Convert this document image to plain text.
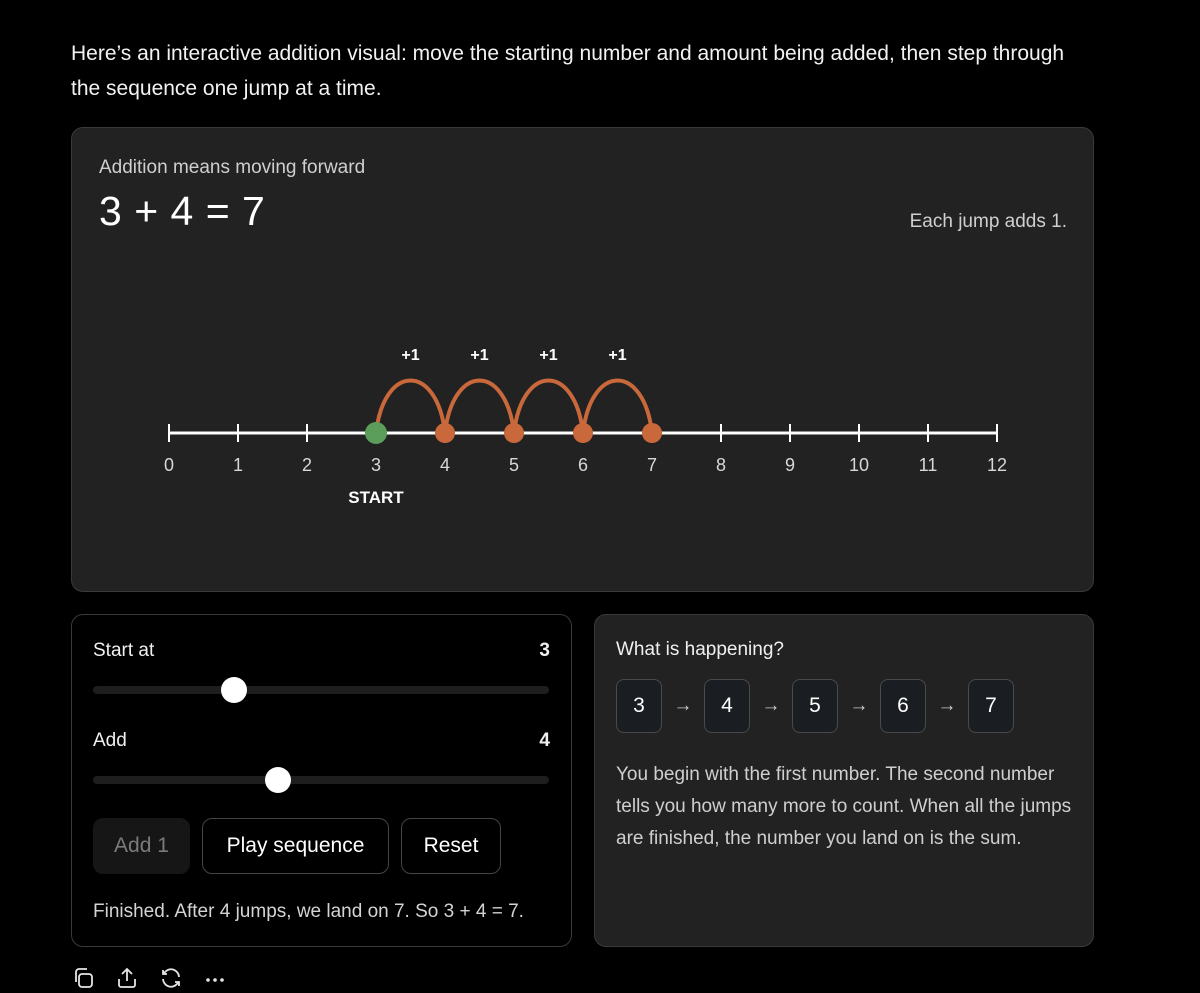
Here’s an interactive addition visual: move the starting number and amount being added, then step through the sequence one jump at a time.
Addition means moving forward
3 + 4 = 7	Each jump adds 1.
0	1	2	3	4	5	6	7	8	9	10	11	12
+1	+1	+1	+1
START
Start at	3
Add	4
Add 1	Play sequence	Reset
Finished. After 4 jumps, we land on 7. So 3 + 4 = 7.
What is happening?
3	→	4	→	5	→	6	→	7

You begin with the first number. The second number tells you how many more to count. When all the jumps are finished, the number you land on is the sum.
